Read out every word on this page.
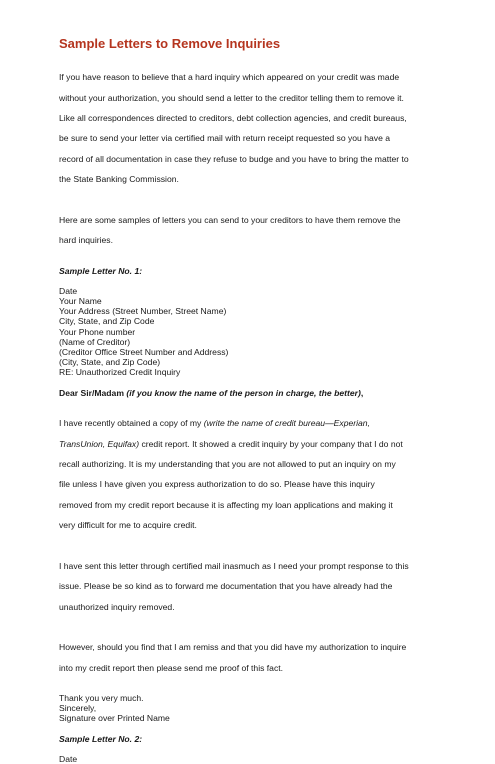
Sample Letters to Remove Inquiries

If you have reason to believe that a hard inquiry which appeared on your credit was made

without your authorization, you should send a letter to the creditor telling them to remove it.

Like all correspondences directed to creditors, debt collection agencies, and credit bureaus,

be sure to send your letter via certified mail with return receipt requested so you have a

record of all documentation in case they refuse to budge and you have to bring the matter to

the State Banking Commission.

Here are some samples of letters you can send to your creditors to have them remove the

hard inquiries.

Sample Letter No. 1:
Date
Your Name
Your Address (Street Number, Street Name)
City, State, and Zip Code
Your Phone number
(Name of Creditor)
(Creditor Office Street Number and Address)
(City, State, and Zip Code)
RE: Unauthorized Credit Inquiry
Dear Sir/Madam (if you know the name of the person in charge, the better),

I have recently obtained a copy of my (write the name of credit bureau—Experian,

TransUnion, Equifax) credit report. It showed a credit inquiry by your company that I do not

recall authorizing. It is my understanding that you are not allowed to put an inquiry on my

file unless I have given you express authorization to do so. Please have this inquiry

removed from my credit report because it is affecting my loan applications and making it

very difficult for me to acquire credit.

I have sent this letter through certified mail inasmuch as I need your prompt response to this

issue. Please be so kind as to forward me documentation that you have already had the

unauthorized inquiry removed.

However, should you find that I am remiss and that you did have my authorization to inquire

into my credit report then please send me proof of this fact.

Thank you very much.
Sincerely,
Signature over Printed Name
Sample Letter No. 2:
Date
